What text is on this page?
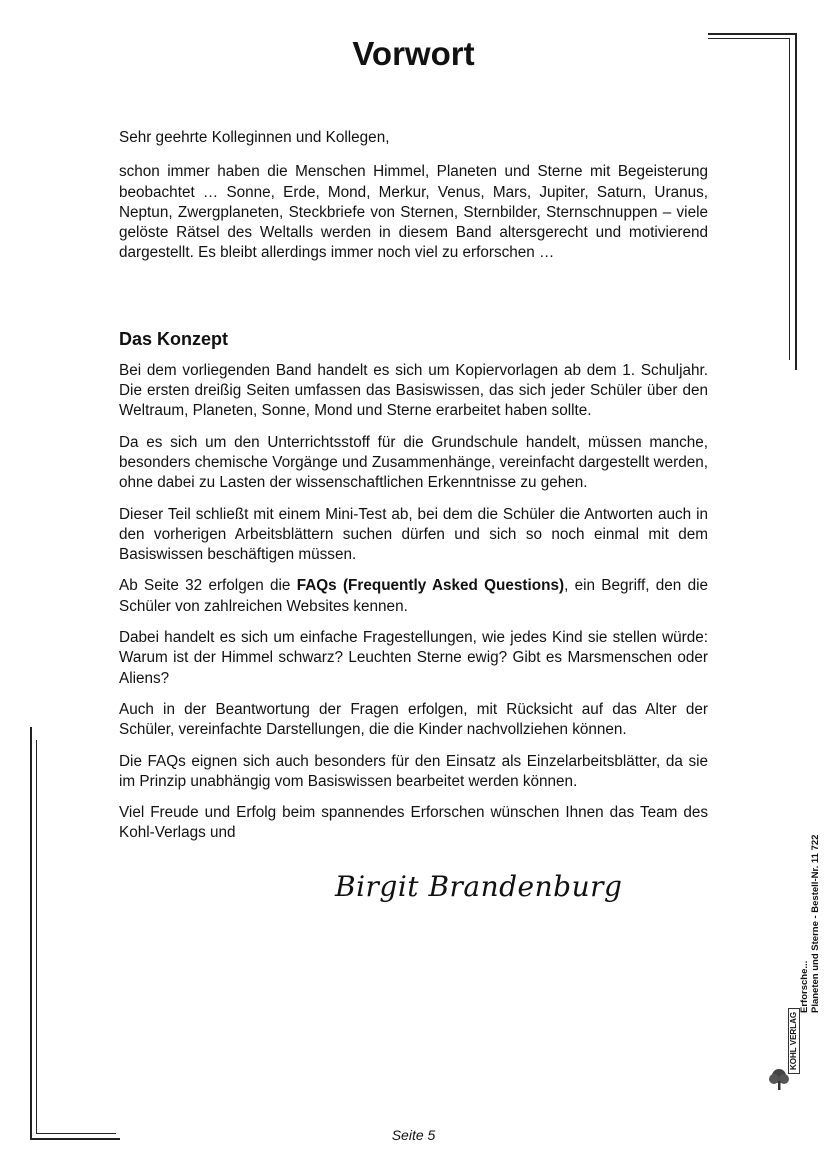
Vorwort

Sehr geehrte Kolleginnen und Kollegen,

schon immer haben die Menschen Himmel, Planeten und Sterne mit Begeisterung beobachtet … Sonne, Erde, Mond, Merkur, Venus, Mars, Jupiter, Saturn, Uranus, Neptun, Zwergplaneten, Steckbriefe von Sternen, Sternbilder, Sternschnuppen – viele gelöste Rätsel des Weltalls werden in diesem Band altersgerecht und motivierend dargestellt. Es bleibt allerdings immer noch viel zu erforschen …

Das Konzept

Bei dem vorliegenden Band handelt es sich um Kopiervorlagen ab dem 1. Schuljahr. Die ersten dreißig Seiten umfassen das Basiswissen, das sich jeder Schüler über den Weltraum, Planeten, Sonne, Mond und Sterne erarbeitet haben sollte.

Da es sich um den Unterrichtsstoff für die Grundschule handelt, müssen manche, besonders chemische Vorgänge und Zusammenhänge, vereinfacht dargestellt werden, ohne dabei zu Lasten der wissenschaftlichen Erkenntnisse zu gehen.

Dieser Teil schließt mit einem Mini-Test ab, bei dem die Schüler die Antworten auch in den vorherigen Arbeitsblättern suchen dürfen und sich so noch einmal mit dem Basiswissen beschäftigen müssen.

Ab Seite 32 erfolgen die FAQs (Frequently Asked Questions), ein Begriff, den die Schüler von zahlreichen Websites kennen.

Dabei handelt es sich um einfache Fragestellungen, wie jedes Kind sie stellen würde: Warum ist der Himmel schwarz? Leuchten Sterne ewig? Gibt es Marsmenschen oder Aliens?

Auch in der Beantwortung der Fragen erfolgen, mit Rücksicht auf das Alter der Schüler, vereinfachte Darstellungen, die die Kinder nachvollziehen können.

Die FAQs eignen sich auch besonders für den Einsatz als Einzelarbeitsblätter, da sie im Prinzip unabhängig vom Basiswissen bearbeitet werden können.

Viel Freude und Erfolg beim spannendes Erforschen wünschen Ihnen das Team des Kohl-Verlags und

Birgit Brandenburg
Erforsche... Planeten und Sterne - Bestell-Nr. 11 722
KOHL VERLAG
Seite 5
